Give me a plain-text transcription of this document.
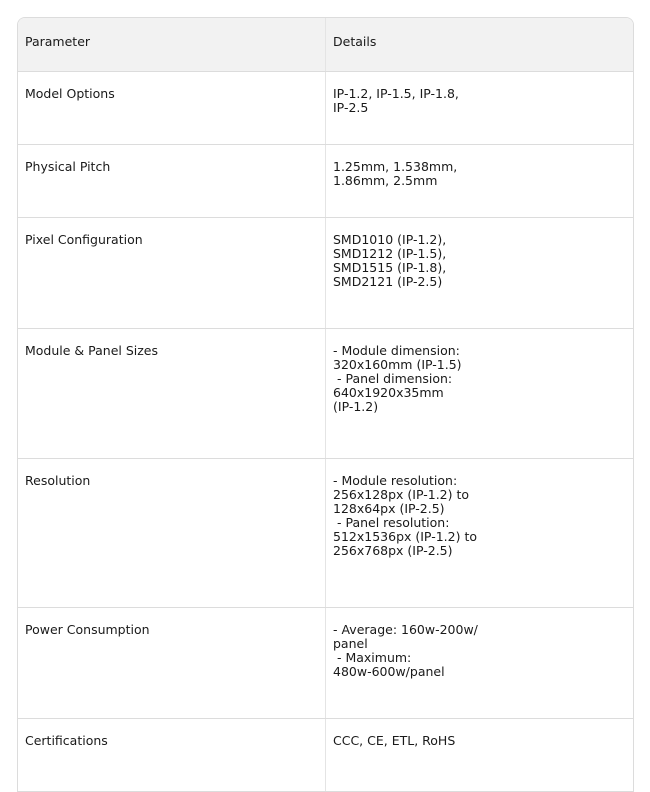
Parameter	Details
Model Options	IP-1.2, IP-1.5, IP-1.8,
IP-2.5
Physical Pitch	1.25mm, 1.538mm,
1.86mm, 2.5mm
Pixel Configuration	SMD1010 (IP-1.2),
SMD1212 (IP-1.5),
SMD1515 (IP-1.8),
SMD2121 (IP-2.5)
Module & Panel Sizes	- Module dimension:
320x160mm (IP-1.5)
- Panel dimension:
640x1920x35mm
(IP-1.2)
Resolution	- Module resolution:
256x128px (IP-1.2) to
128x64px (IP-2.5)
- Panel resolution:
512x1536px (IP-1.2) to
256x768px (IP-2.5)
Power Consumption	- Average: 160w-200w/
panel
- Maximum:
480w-600w/panel
Certifications	CCC, CE, ETL, RoHS
